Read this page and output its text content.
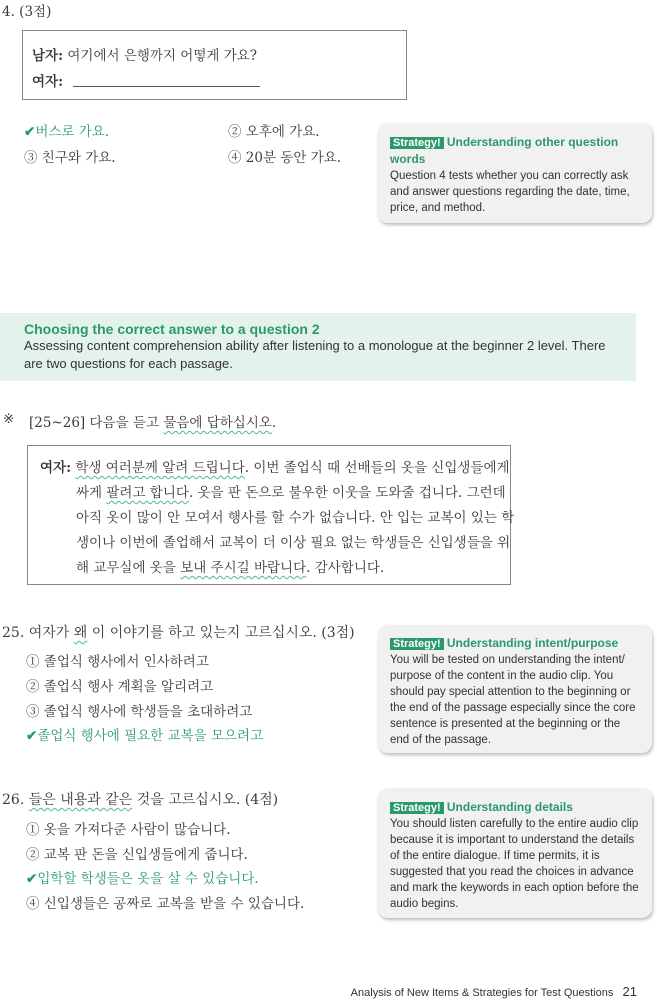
4. (3점)
남자: 여기에서 은행까지 어떻게 가요?
여자:
✔버스로 가요.	② 오후에 가요.
③ 친구와 가요.	④ 20분 동안 가요.
Strategy! Understanding other question words
Question 4 tests whether you can correctly ask and answer questions regarding the date, time, price, and method.
Choosing the correct answer to a question 2
Assessing content comprehension ability after listening to a monologue at the beginner 2 level. There are two questions for each passage.
※ [25~26] 다음을 듣고 물음에 답하십시오.
여자: 학생 여러분께 알려 드립니다. 이번 졸업식 때 선배들의 옷을 신입생들에게
싸게 팔려고 합니다. 옷을 판 돈으로 불우한 이웃을 도와줄 겁니다. 그런데
아직 옷이 많이 안 모여서 행사를 할 수가 없습니다. 안 입는 교복이 있는 학
생이나 이번에 졸업해서 교복이 더 이상 필요 없는 학생들은 신입생들을 위
해 교무실에 옷을 보내 주시길 바랍니다. 감사합니다.
25. 여자가 왜 이 이야기를 하고 있는지 고르십시오. (3점)
① 졸업식 행사에서 인사하려고
② 졸업식 행사 계획을 알리려고
③ 졸업식 행사에 학생들을 초대하려고
✔졸업식 행사에 필요한 교복을 모으려고
Strategy! Understanding intent/purpose
You will be tested on understanding the intent/ purpose of the content in the audio clip. You should pay special attention to the beginning or the end of the passage especially since the core sentence is presented at the beginning or the end of the passage.
26. 들은 내용과 같은 것을 고르십시오. (4점)
① 옷을 가져다준 사람이 많습니다.
② 교복 판 돈을 신입생들에게 줍니다.
✔입학할 학생들은 옷을 살 수 있습니다.
④ 신입생들은 공짜로 교복을 받을 수 있습니다.
Strategy! Understanding details
You should listen carefully to the entire audio clip because it is important to understand the details of the entire dialogue. If time permits, it is suggested that you read the choices in advance and mark the keywords in each option before the audio begins.
Analysis of New Items & Strategies for Test Questions 21
